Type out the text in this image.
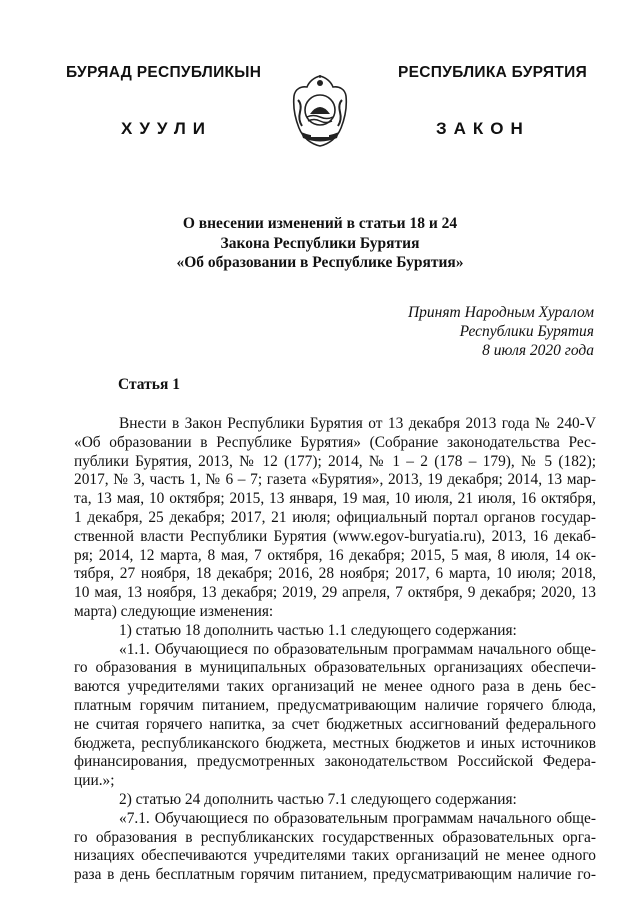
БУРЯАД РЕСПУБЛИКЫН	РЕСПУБЛИКА БУРЯТИЯ
ХУУЛИ	ЗАКОН
О внесении изменений в статьи 18 и 24
Закона Республики Бурятия
«Об образовании в Республике Бурятия»
Принят Народным Хуралом
Республики Бурятия
8 июля 2020 года
Статья 1
Внести в Закон Республики Бурятия от 13 декабря 2013 года № 240-V
«Об образовании в Республике Бурятия» (Собрание законодательства Рес-
публики Бурятия, 2013, № 12 (177); 2014, № 1 – 2 (178 – 179), № 5 (182);
2017, № 3, часть 1, № 6 – 7; газета «Бурятия», 2013, 19 декабря; 2014, 13 мар-
та, 13 мая, 10 октября; 2015, 13 января, 19 мая, 10 июля, 21 июля, 16 октября,
1 декабря, 25 декабря; 2017, 21 июля; официальный портал органов государ-
ственной власти Республики Бурятия (www.egov-buryatia.ru), 2013, 16 декаб-
ря; 2014, 12 марта, 8 мая, 7 октября, 16 декабря; 2015, 5 мая, 8 июля, 14 ок-
тября, 27 ноября, 18 декабря; 2016, 28 ноября; 2017, 6 марта, 10 июля; 2018,
10 мая, 13 ноября, 13 декабря; 2019, 29 апреля, 7 октября, 9 декабря; 2020, 13
марта) следующие изменения:
1) статью 18 дополнить частью 1.1 следующего содержания:
«1.1. Обучающиеся по образовательным программам начального обще-
го образования в муниципальных образовательных организациях обеспечи-
ваются учредителями таких организаций не менее одного раза в день бес-
платным горячим питанием, предусматривающим наличие горячего блюда,
не считая горячего напитка, за счет бюджетных ассигнований федерального
бюджета, республиканского бюджета, местных бюджетов и иных источников
финансирования, предусмотренных законодательством Российской Федера-
ции.»;
2) статью 24 дополнить частью 7.1 следующего содержания:
«7.1. Обучающиеся по образовательным программам начального обще-
го образования в республиканских государственных образовательных орга-
низациях обеспечиваются учредителями таких организаций не менее одного
раза в день бесплатным горячим питанием, предусматривающим наличие го-
